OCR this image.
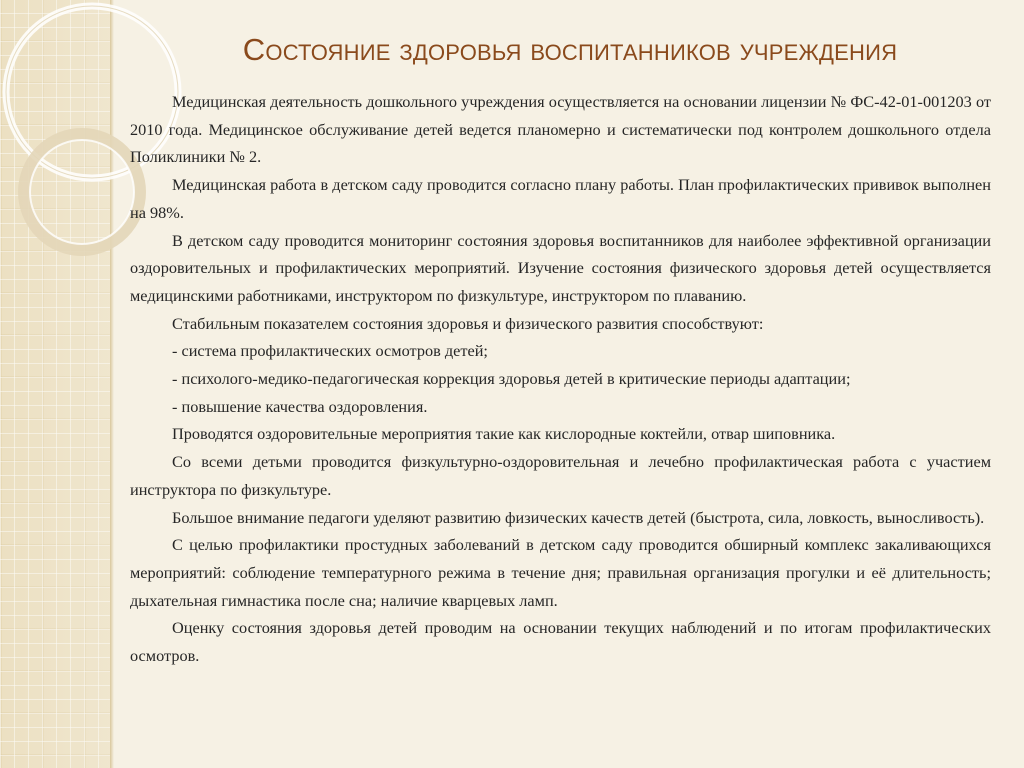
Состояние здоровья воспитанников учреждения

Медицинская деятельность дошкольного учреждения осуществляется на основании лицензии № ФС-42-01-001203 от 2010 года. Медицинское обслуживание детей ведется планомерно и систематически под контролем дошкольного отдела Поликлиники № 2.

Медицинская работа в детском саду проводится согласно плану работы. План профилактических прививок выполнен на 98%.

В детском саду проводится мониторинг состояния здоровья воспитанников для наиболее эффективной организации оздоровительных и профилактических мероприятий. Изучение состояния физического здоровья детей осуществляется медицинскими работниками, инструктором по физкультуре, инструктором по плаванию.

Стабильным показателем состояния здоровья и физического развития способствуют:

- система профилактических осмотров детей;

- психолого-медико-педагогическая коррекция здоровья детей в критические периоды адаптации;

- повышение качества оздоровления.

Проводятся оздоровительные мероприятия такие как кислородные коктейли, отвар шиповника.

Со всеми детьми проводится физкультурно-оздоровительная и лечебно профилактическая работа с участием инструктора по физкультуре.

Большое внимание педагоги уделяют развитию физических качеств детей (быстрота, сила, ловкость, выносливость).

С целью профилактики простудных заболеваний в детском саду проводится обширный комплекс закаливающихся мероприятий: соблюдение температурного режима в течение дня; правильная организация прогулки и её длительность; дыхательная гимнастика после сна; наличие кварцевых ламп.

Оценку состояния здоровья детей проводим на основании текущих наблюдений и по итогам профилактических осмотров.
